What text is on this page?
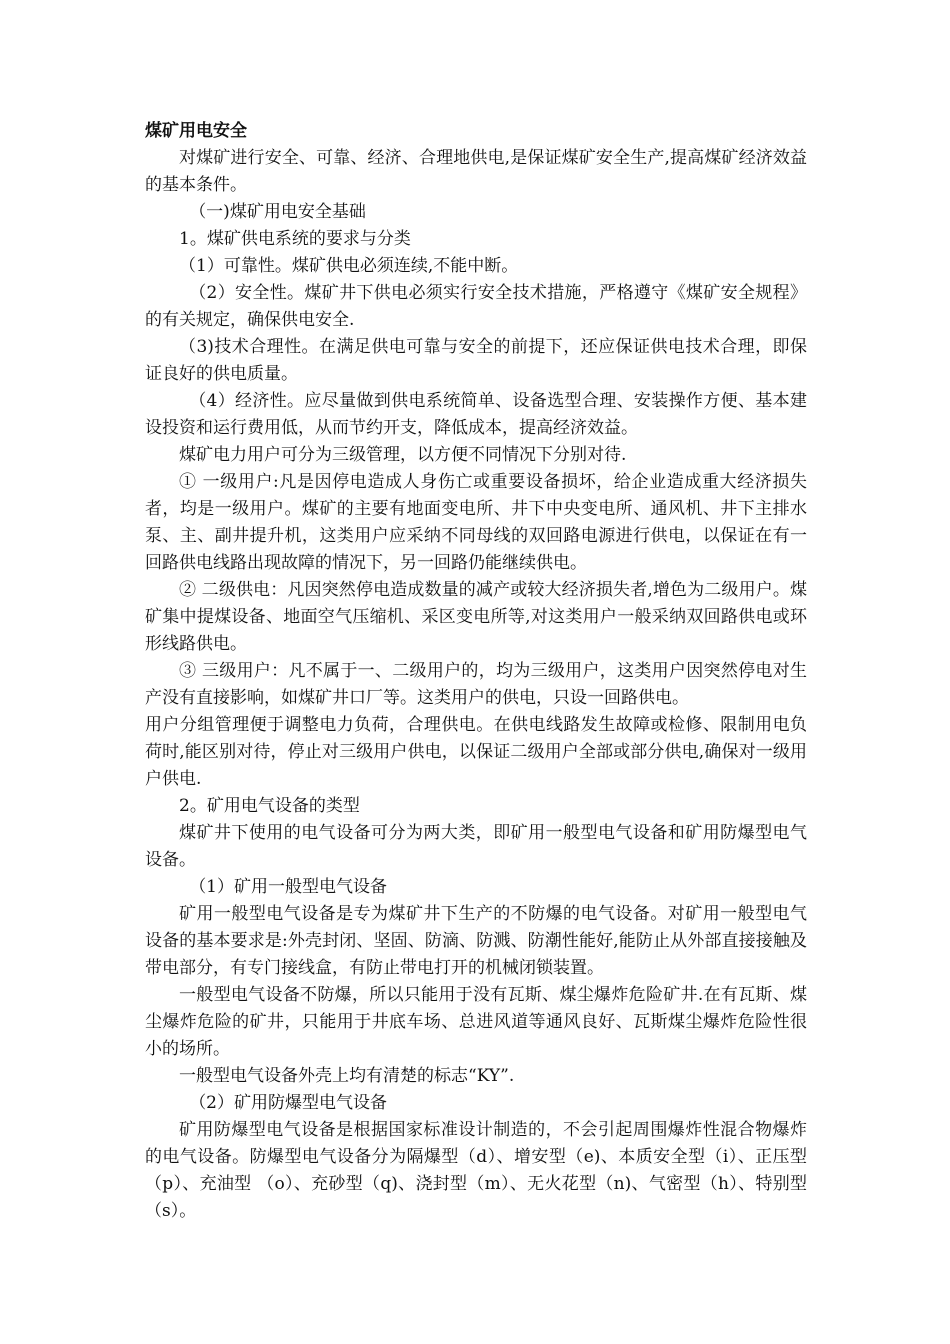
煤矿用电安全

对煤矿进行安全、可靠、经济、合理地供电,是保证煤矿安全生产,提高煤矿经济效益的基本条件。

（一)煤矿用电安全基础

1。煤矿供电系统的要求与分类

（1）可靠性。煤矿供电必须连续,不能中断。

（2）安全性。煤矿井下供电必须实行安全技术措施，严格遵守《煤矿安全规程》的有关规定，确保供电安全.

（3)技术合理性。在满足供电可靠与安全的前提下，还应保证供电技术合理，即保证良好的供电质量。

（4）经济性。应尽量做到供电系统简单、设备选型合理、安装操作方便、基本建设投资和运行费用低，从而节约开支，降低成本，提高经济效益。

煤矿电力用户可分为三级管理，以方便不同情况下分别对待.

① 一级用户:凡是因停电造成人身伤亡或重要设备损坏，给企业造成重大经济损失者，均是一级用户。煤矿的主要有地面变电所、井下中央变电所、通风机、井下主排水泵、主、副井提升机，这类用户应采纳不同母线的双回路电源进行供电，以保证在有一回路供电线路出现故障的情况下，另一回路仍能继续供电。

② 二级供电：凡因突然停电造成数量的减产或较大经济损失者,增色为二级用户。煤矿集中提煤设备、地面空气压缩机、采区变电所等,对这类用户一般采纳双回路供电或环形线路供电。

③ 三级用户：凡不属于一、二级用户的，均为三级用户，这类用户因突然停电对生产没有直接影响，如煤矿井口厂等。这类用户的供电，只设一回路供电。

用户分组管理便于调整电力负荷，合理供电。在供电线路发生故障或检修、限制用电负荷时,能区别对待，停止对三级用户供电，以保证二级用户全部或部分供电,确保对一级用户供电.

2。矿用电气设备的类型

煤矿井下使用的电气设备可分为两大类，即矿用一般型电气设备和矿用防爆型电气设备。

（1）矿用一般型电气设备

矿用一般型电气设备是专为煤矿井下生产的不防爆的电气设备。对矿用一般型电气设备的基本要求是:外壳封闭、坚固、防滴、防溅、防潮性能好,能防止从外部直接接触及带电部分，有专门接线盒，有防止带电打开的机械闭锁装置。

一般型电气设备不防爆，所以只能用于没有瓦斯、煤尘爆炸危险矿井.在有瓦斯、煤尘爆炸危险的矿井，只能用于井底车场、总进风道等通风良好、瓦斯煤尘爆炸危险性很小的场所。

一般型电气设备外壳上均有清楚的标志“KY”.

（2）矿用防爆型电气设备

矿用防爆型电气设备是根据国家标准设计制造的，不会引起周围爆炸性混合物爆炸的电气设备。防爆型电气设备分为隔爆型（d）、增安型（e)、本质安全型（i）、正压型（p）、充油型 （o）、充砂型（q)、浇封型（m）、无火花型（n)、气密型（h）、特别型（s）。
